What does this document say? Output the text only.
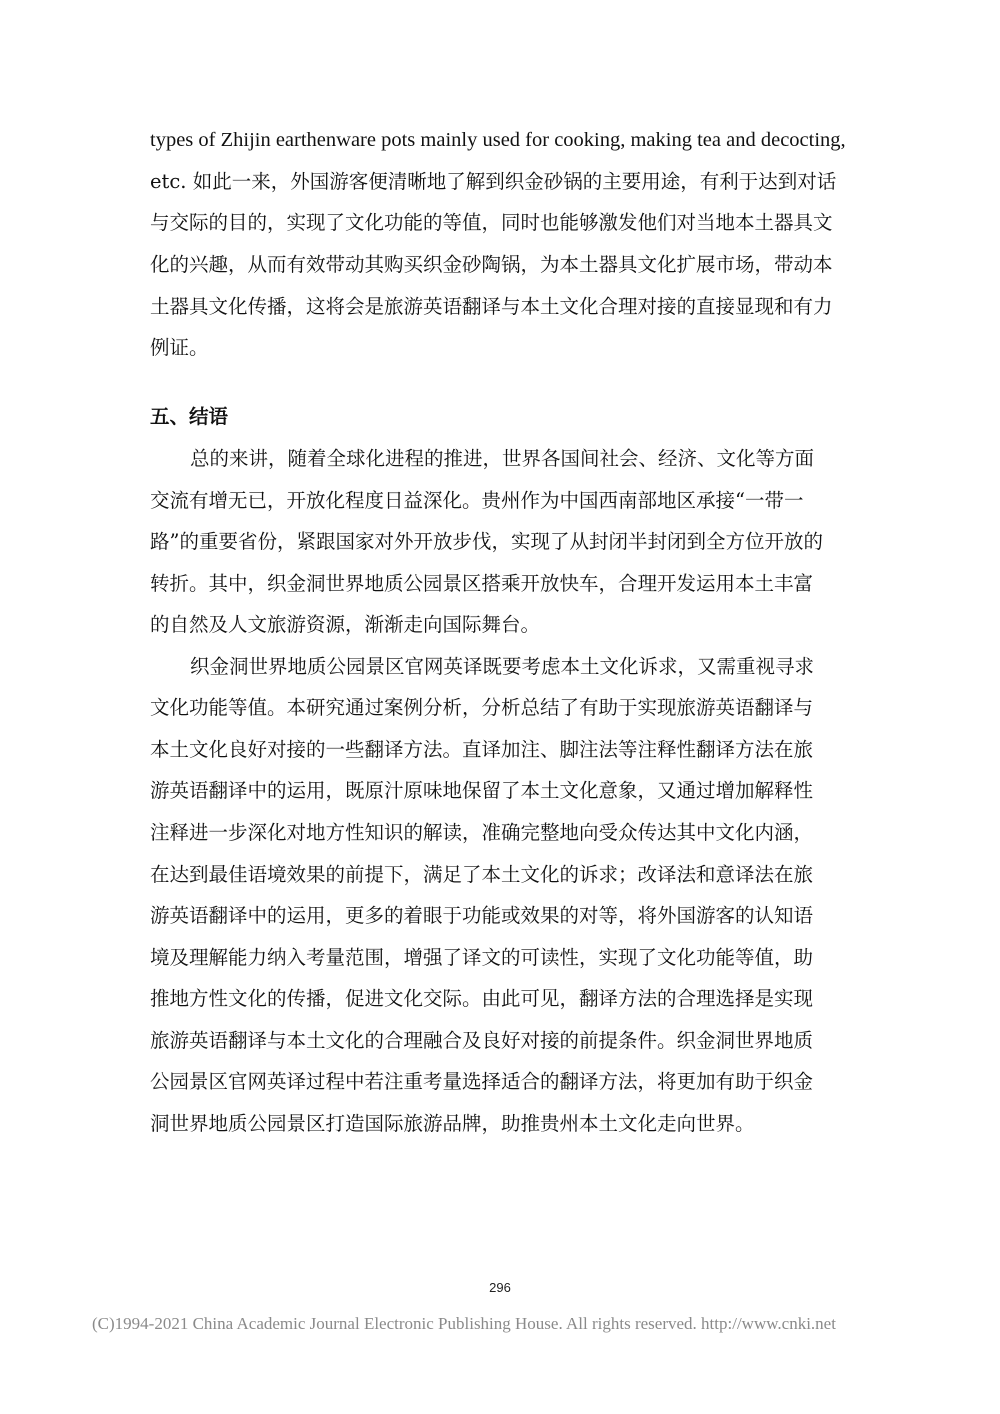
types of Zhijin earthenware pots mainly used for cooking, making tea and decocting,
etc. 如此一来，外国游客便清晰地了解到织金砂锅的主要用途，有利于达到对话
与交际的目的，实现了文化功能的等值，同时也能够激发他们对当地本土器具文
化的兴趣，从而有效带动其购买织金砂陶锅，为本土器具文化扩展市场，带动本
土器具文化传播，这将会是旅游英语翻译与本土文化合理对接的直接显现和有力
例证。
五、结语
总的来讲，随着全球化进程的推进，世界各国间社会、经济、文化等方面
交流有增无已，开放化程度日益深化。贵州作为中国西南部地区承接“一带一
路”的重要省份，紧跟国家对外开放步伐，实现了从封闭半封闭到全方位开放的
转折。其中，织金洞世界地质公园景区搭乘开放快车，合理开发运用本土丰富
的自然及人文旅游资源，渐渐走向国际舞台。
织金洞世界地质公园景区官网英译既要考虑本土文化诉求，又需重视寻求
文化功能等值。本研究通过案例分析，分析总结了有助于实现旅游英语翻译与
本土文化良好对接的一些翻译方法。直译加注、脚注法等注释性翻译方法在旅
游英语翻译中的运用，既原汁原味地保留了本土文化意象，又通过增加解释性
注释进一步深化对地方性知识的解读，准确完整地向受众传达其中文化内涵，
在达到最佳语境效果的前提下，满足了本土文化的诉求；改译法和意译法在旅
游英语翻译中的运用，更多的着眼于功能或效果的对等，将外国游客的认知语
境及理解能力纳入考量范围，增强了译文的可读性，实现了文化功能等值，助
推地方性文化的传播，促进文化交际。由此可见，翻译方法的合理选择是实现
旅游英语翻译与本土文化的合理融合及良好对接的前提条件。织金洞世界地质
公园景区官网英译过程中若注重考量选择适合的翻译方法，将更加有助于织金
洞世界地质公园景区打造国际旅游品牌，助推贵州本土文化走向世界。
296
(C)1994-2021 China Academic Journal Electronic Publishing House. All rights reserved. http://www.cnki.net
